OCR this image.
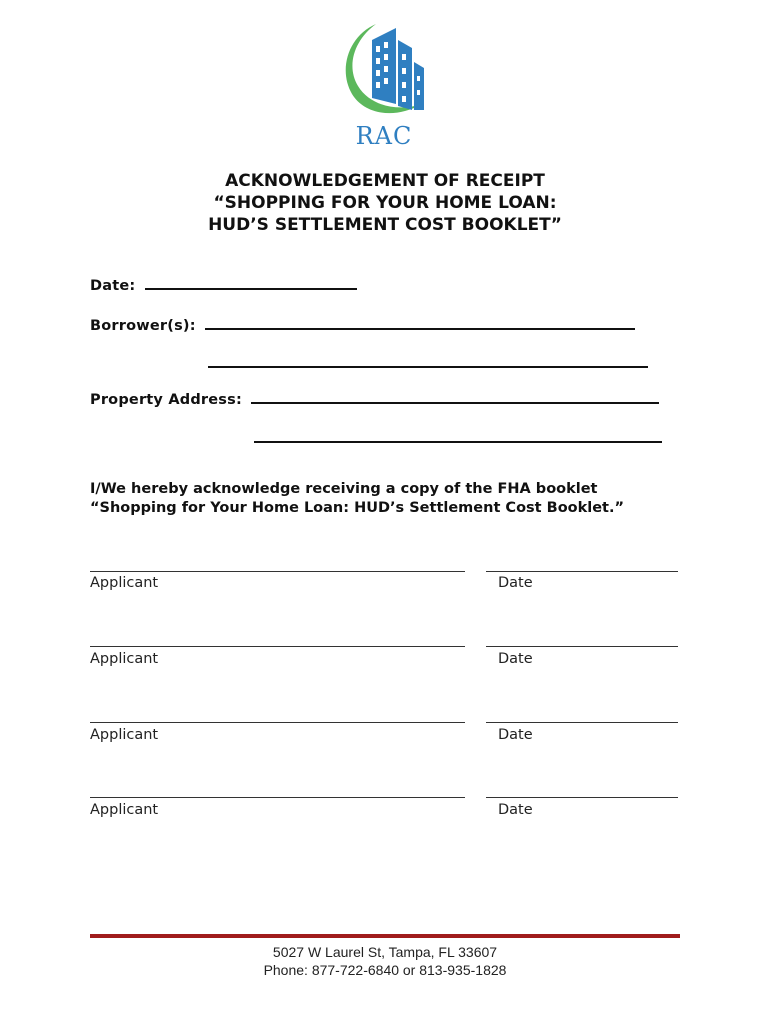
RAC
ACKNOWLEDGEMENT OF RECEIPT
“SHOPPING FOR YOUR HOME LOAN:
HUD’S SETTLEMENT COST BOOKLET”
Date:
Borrower(s):
Property Address:
I/We hereby acknowledge receiving a copy of the FHA booklet
“Shopping for Your Home Loan: HUD’s Settlement Cost Booklet.”
Applicant	Date
Applicant	Date
Applicant	Date
Applicant	Date
5027 W Laurel St, Tampa, FL 33607
Phone: 877-722-6840 or 813-935-1828
